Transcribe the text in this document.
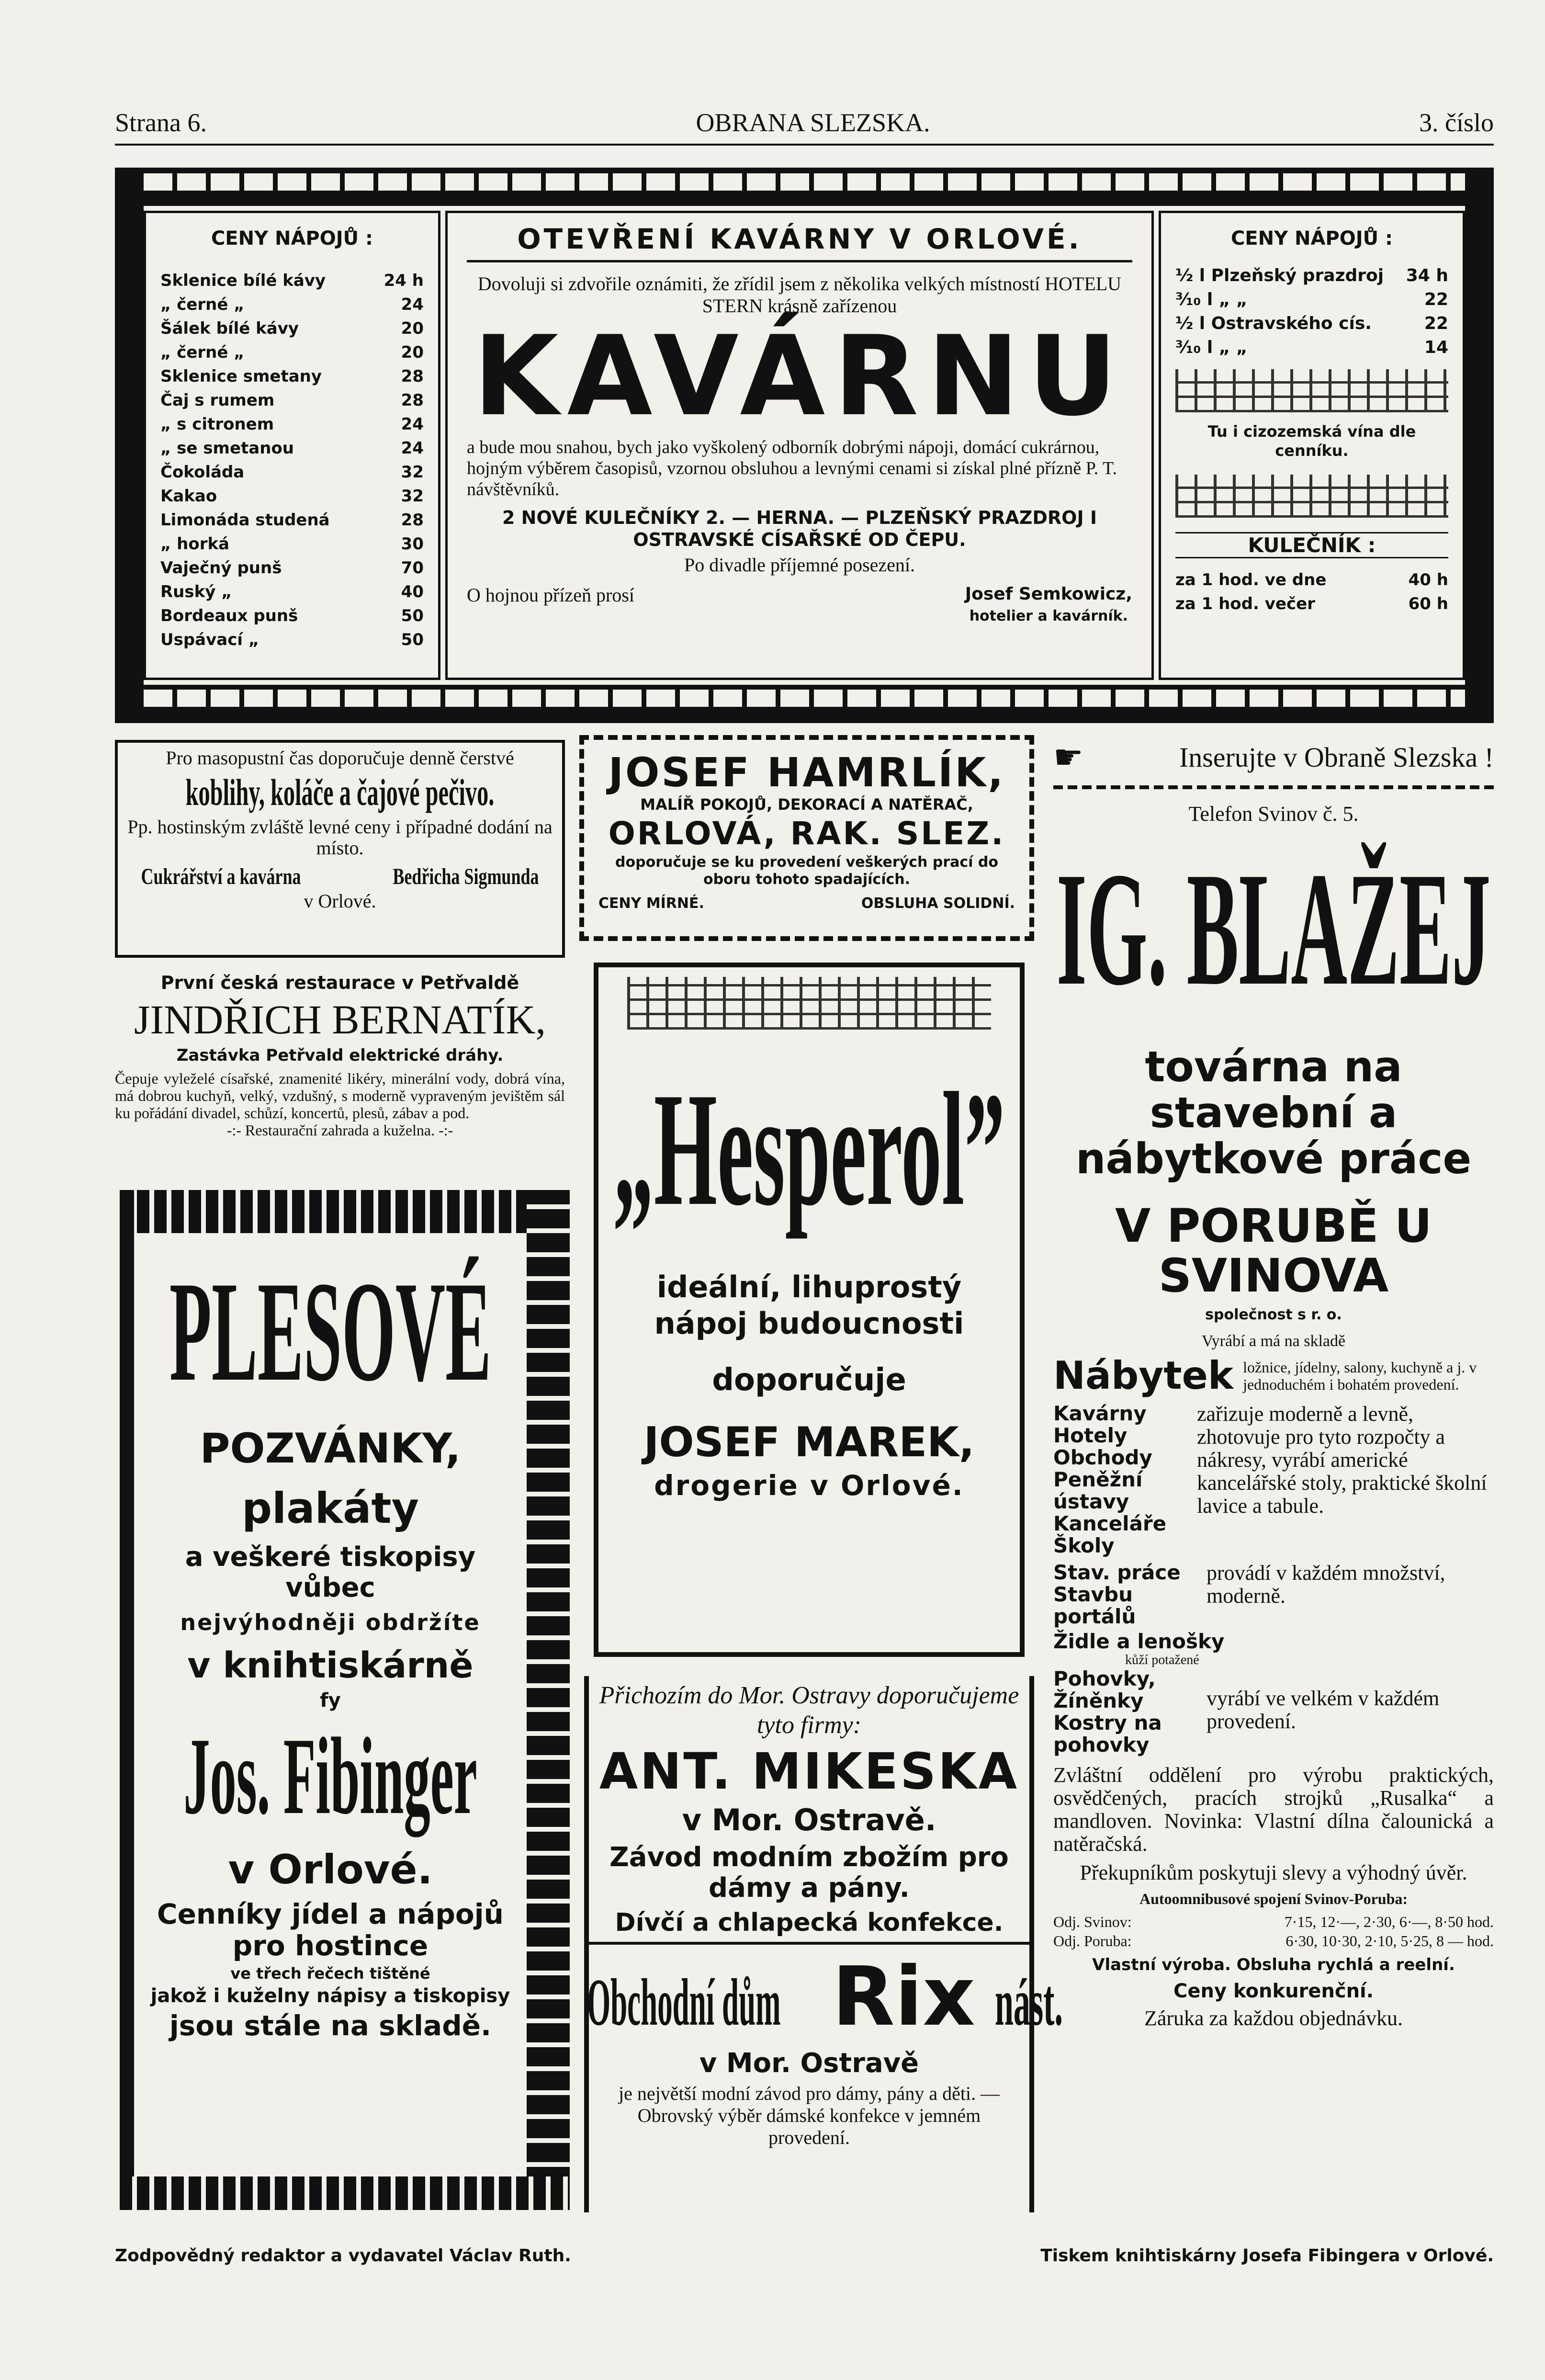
Strana 6.	OBRANA SLEZSKA.	3. číslo
CENY NÁPOJŮ :
Sklenice bílé kávy	24 h
„ černé „	24
Šálek bílé kávy	20
„ černé „	20
Sklenice smetany	28
Čaj s rumem	28
„ s citronem	24
„ se smetanou	24
Čokoláda	32
Kakao	32
Limonáda studená	28
„ horká	30
Vaječný punš	70
Ruský „	40
Bordeaux punš	50
Uspávací „	50
OTEVŘENÍ KAVÁRNY V ORLOVÉ.

Dovoluji si zdvořile oznámiti, že zřídil jsem z několika velkých místností HOTELU STERN krásně zařízenou

KAVÁRNU

a bude mou snahou, bych jako vyškolený odborník dobrými nápoji, domácí cukrárnou, hojným výběrem časopisů, vzornou obsluhou a levnými cenami si získal plné přízně P. T. návštěvníků.

2 NOVÉ KULEČNÍKY 2. — HERNA. — PLZEŇSKÝ PRAZDROJ I OSTRAVSKÉ CÍSAŘSKÉ OD ČEPU.

Po divadle příjemné posezení.

O hojnou přízeň prosí	Josef Semkowicz,
hotelier a kavárník.
CENY NÁPOJŮ :
½ l Plzeňský prazdroj 34 h
³⁄₁₀ l „ „	22
½ l Ostravského cís.	22
³⁄₁₀ l „ „	14

Tu i cizozemská vína dle cenníku.

KULEČNÍK :
za 1 hod. ve dne	40 h
za 1 hod. večer	60 h

Pro masopustní čas doporučuje denně čerstvé

koblihy, koláče a čajové pečivo.

Pp. hostinským zvláště levné ceny i případné dodání na místo.

Cukrářství a kavárna	Bedřicha Sigmunda

v Orlové.

První česká restaurace v Petřvaldě

JINDŘICH BERNATÍK,

Zastávka Petřvald elektrické dráhy.

Čepuje vyleželé císařské, znamenité likéry, minerální vody, dobrá vína, má dobrou kuchyň, velký, vzdušný, s moderně vypraveným jevištěm sál ku pořádání divadel, schůzí, koncertů, plesů, zábav a pod.

-:- Restaurační zahrada a kuželna. -:-

PLESOVÉ

POZVÁNKY,

plakáty

a veškeré tiskopisy vůbec

nejvýhodněji obdržíte

v knihtiskárně

fy

Jos. Fibinger

v Orlové.

Cenníky jídel a nápojů pro hostince

ve třech řečech tištěné

jakož i kuželny nápisy a tiskopisy

jsou stále na skladě.

JOSEF HAMRLÍK,

MALÍŘ POKOJŮ, DEKORACÍ A NATĚRAČ,

ORLOVÁ, RAK. SLEZ.

doporučuje se ku provedení veškerých prací do oboru tohoto spadajících.

CENY MÍRNÉ.	OBSLUHA SOLIDNÍ.
„Hesperol”

ideální, lihuprostý nápoj budoucnosti

doporučuje

JOSEF MAREK,

drogerie v Orlové.

Přichozím do Mor. Ostravy doporučujeme tyto firmy:

ANT. MIKESKA

v Mor. Ostravě.

Závod modním zbožím pro dámy a pány.

Dívčí a chlapecká konfekce.

Obchodní dům Rix nást.

v Mor. Ostravě

je největší modní závod pro dámy, pány a děti. — Obrovský výběr dámské konfekce v jemném provedení.

☛	Inserujte v Obraně Slezska !

Telefon Svinov č. 5.

IG. BLAŽEJ

továrna na stavební a nábytkové práce

V PORUBĚ U SVINOVA

společnost s r. o.

Vyrábí a má na skladě

Nábytek ložnice, jídelny, salony, kuchyně a j. v jednoduchém i bohatém provedení.
Kavárny
Hotely
Obchody
Peněžní ústavy
Kanceláře
Školy

zařizuje moderně a levně, zhotovuje pro tyto rozpočty a nákresy, vyrábí americké kancelářské stoly, praktické školní lavice a tabule.

Stav. práce
Stavbu portálů

provádí v každém množství, moderně.

Židle a lenošky
kůží potažené
Pohovky,
Žíněnky
Kostry na pohovky

vyrábí ve velkém v každém provedení.

Zvláštní oddělení pro výrobu praktických, osvědčených, pracích strojků „Rusalka“ a mandloven. Novinka: Vlastní dílna čalounická a natěračská.

Překupníkům poskytuji slevy a výhodný úvěr.

Autoomnibusové spojení Svinov-Poruba:

Odj. Svinov:	7·15, 12·—, 2·30, 6·—, 8·50 hod.
Odj. Poruba:	6·30, 10·30, 2·10, 5·25, 8 — hod.

Vlastní výroba. Obsluha rychlá a reelní.

Ceny konkurenční.

Záruka za každou objednávku.

Zodpovědný redaktor a vydavatel Václav Ruth.	Tiskem knihtiskárny Josefa Fibingera v Orlové.
